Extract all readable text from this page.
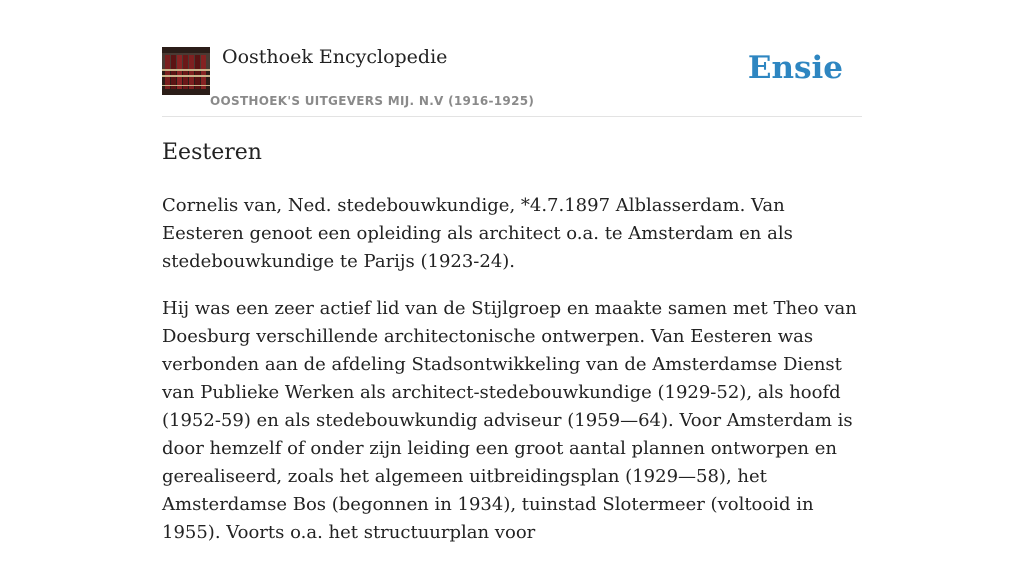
Oosthoek Encyclopedie
OOSTHOEK'S UITGEVERS MIJ. N.V (1916-1925)
Ensie
Eesteren

Cornelis van, Ned. stedebouwkundige, *4.7.1897 Alblasserdam. Van Eesteren genoot een opleiding als architect o.a. te Amsterdam en als stedebouwkundige te Parijs (1923-24).

Hij was een zeer actief lid van de Stijlgroep en maakte samen met Theo van Doesburg verschillende architectonische ontwerpen. Van Eesteren was verbonden aan de afdeling Stadsontwikkeling van de Amsterdamse Dienst van Publieke Werken als architect-stedebouwkundige (1929-52), als hoofd (1952-59) en als stedebouwkundig adviseur (1959—64). Voor Amsterdam is door hemzelf of onder zijn leiding een groot aantal plannen ontworpen en gerealiseerd, zoals het algemeen uitbreidingsplan (1929—58), het Amsterdamse Bos (begonnen in 1934), tuinstad Slotermeer (voltooid in 1955). Voorts o.a. het structuurplan voor
